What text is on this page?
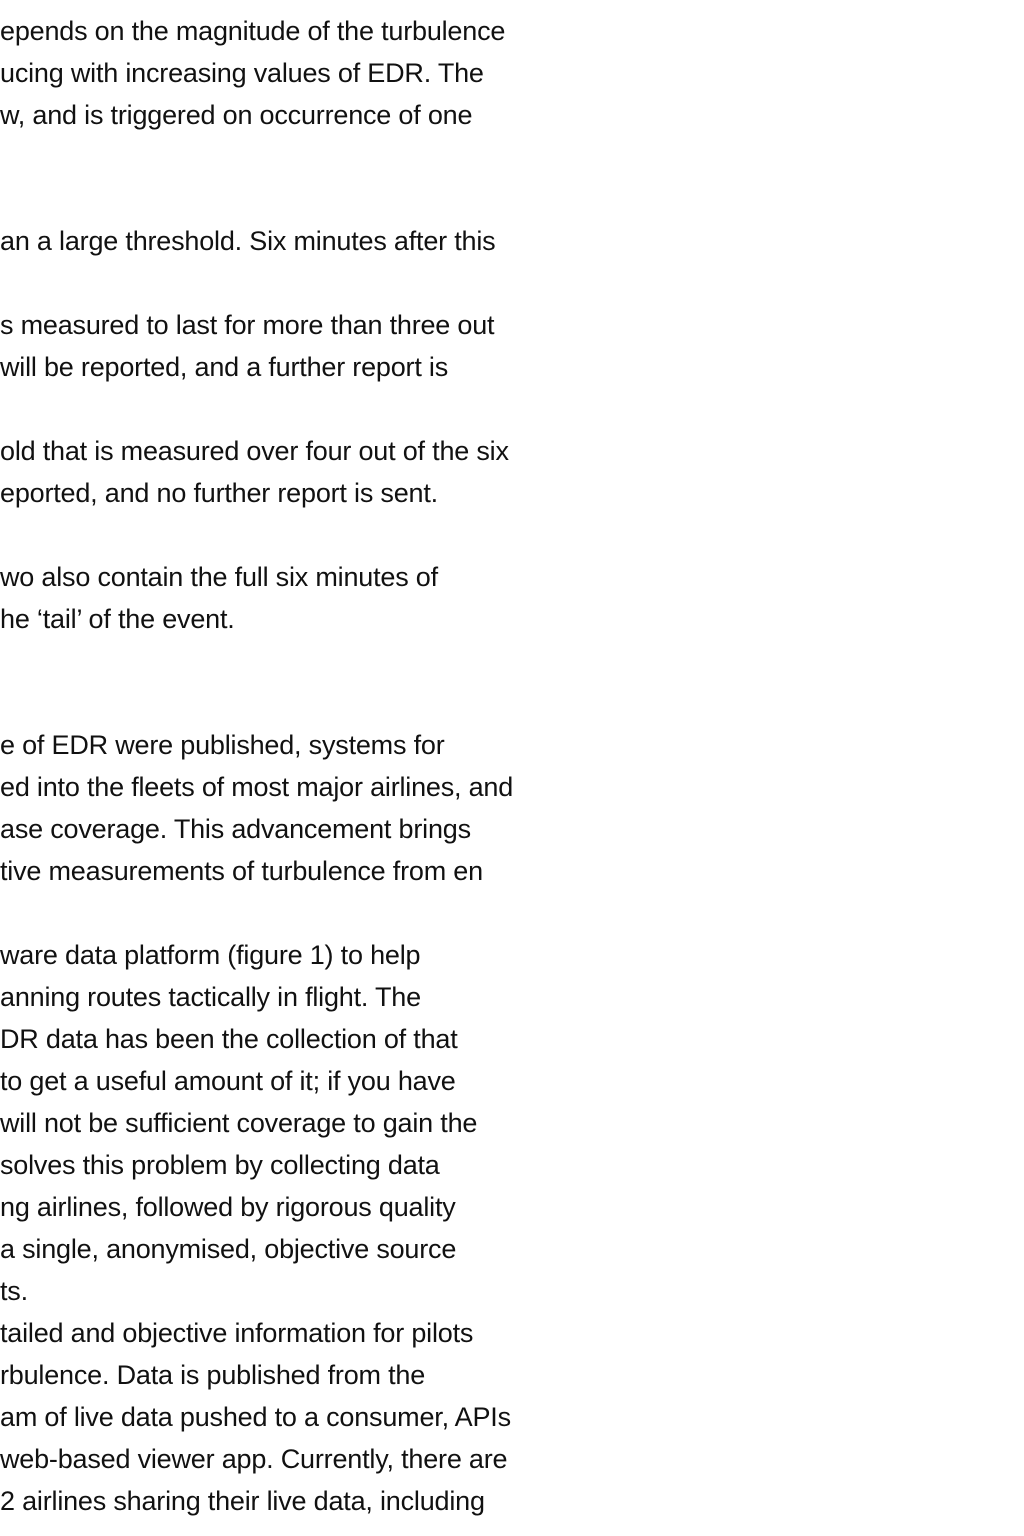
epends on the magnitude of the turbulence

ucing with increasing values of EDR. The

w, and is triggered on occurrence of one

an a large threshold. Six minutes after this

s measured to last for more than three out

will be reported, and a further report is

old that is measured over four out of the six

eported, and no further report is sent.

wo also contain the full six minutes of

he ‘tail’ of the event.

e of EDR were published, systems for

ed into the fleets of most major airlines, and

ase coverage. This advancement brings

tive measurements of turbulence from en

ware data platform (figure 1) to help

anning routes tactically in flight. The

DR data has been the collection of that

to get a useful amount of it; if you have

will not be sufficient coverage to gain the

solves this problem by collecting data

ng airlines, followed by rigorous quality

a single, anonymised, objective source

ts.

tailed and objective information for pilots

rbulence. Data is published from the

am of live data pushed to a consumer, APIs

web-based viewer app. Currently, there are

2 airlines sharing their live data, including
